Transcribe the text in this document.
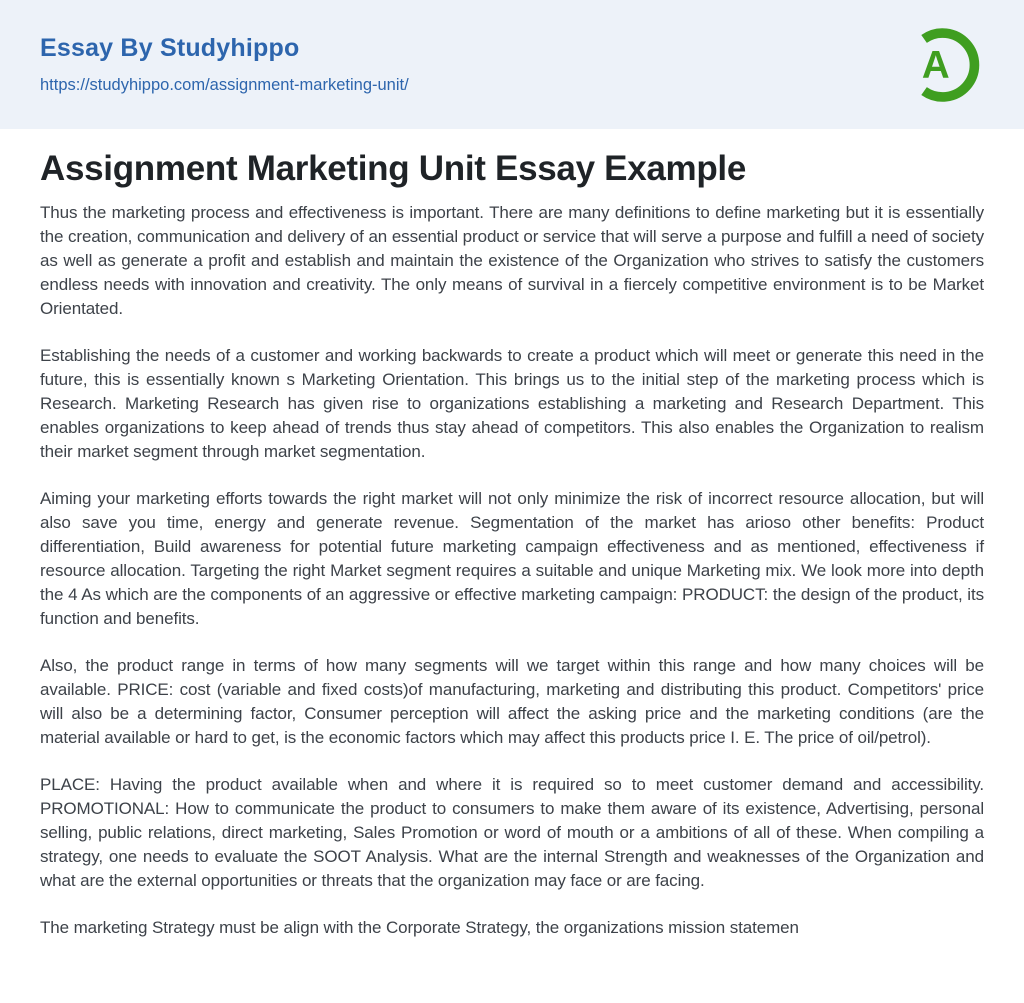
Essay By Studyhippo
https://studyhippo.com/assignment-marketing-unit/	A
Assignment Marketing Unit Essay Example

Thus the marketing process and effectiveness is important. There are many definitions to define marketing but it is essentially the creation, communication and delivery of an essential product or service that will serve a purpose and fulfill a need of society as well as generate a profit and establish and maintain the existence of the Organization who strives to satisfy the customers endless needs with innovation and creativity. The only means of survival in a fiercely competitive environment is to be Market Orientated.

Establishing the needs of a customer and working backwards to create a product which will meet or generate this need in the future, this is essentially known s Marketing Orientation. This brings us to the initial step of the marketing process which is Research. Marketing Research has given rise to organizations establishing a marketing and Research Department. This enables organizations to keep ahead of trends thus stay ahead of competitors. This also enables the Organization to realism their market segment through market segmentation.

Aiming your marketing efforts towards the right market will not only minimize the risk of incorrect resource allocation, but will also save you time, energy and generate revenue. Segmentation of the market has arioso other benefits: Product differentiation, Build awareness for potential future marketing campaign effectiveness and as mentioned, effectiveness if resource allocation. Targeting the right Market segment requires a suitable and unique Marketing mix. We look more into depth the 4 As which are the components of an aggressive or effective marketing campaign: PRODUCT: the design of the product, its function and benefits.

Also, the product range in terms of how many segments will we target within this range and how many choices will be available. PRICE: cost (variable and fixed costs)of manufacturing, marketing and distributing this product. Competitors' price will also be a determining factor, Consumer perception will affect the asking price and the marketing conditions (are the material available or hard to get, is the economic factors which may affect this products price I. E. The price of oil/petrol).

PLACE: Having the product available when and where it is required so to meet customer demand and accessibility. PROMOTIONAL: How to communicate the product to consumers to make them aware of its existence, Advertising, personal selling, public relations, direct marketing, Sales Promotion or word of mouth or a ambitions of all of these. When compiling a strategy, one needs to evaluate the SOOT Analysis. What are the internal Strength and weaknesses of the Organization and what are the external opportunities or threats that the organization may face or are facing.

The marketing Strategy must be align with the Corporate Strategy, the organizations mission statemen
